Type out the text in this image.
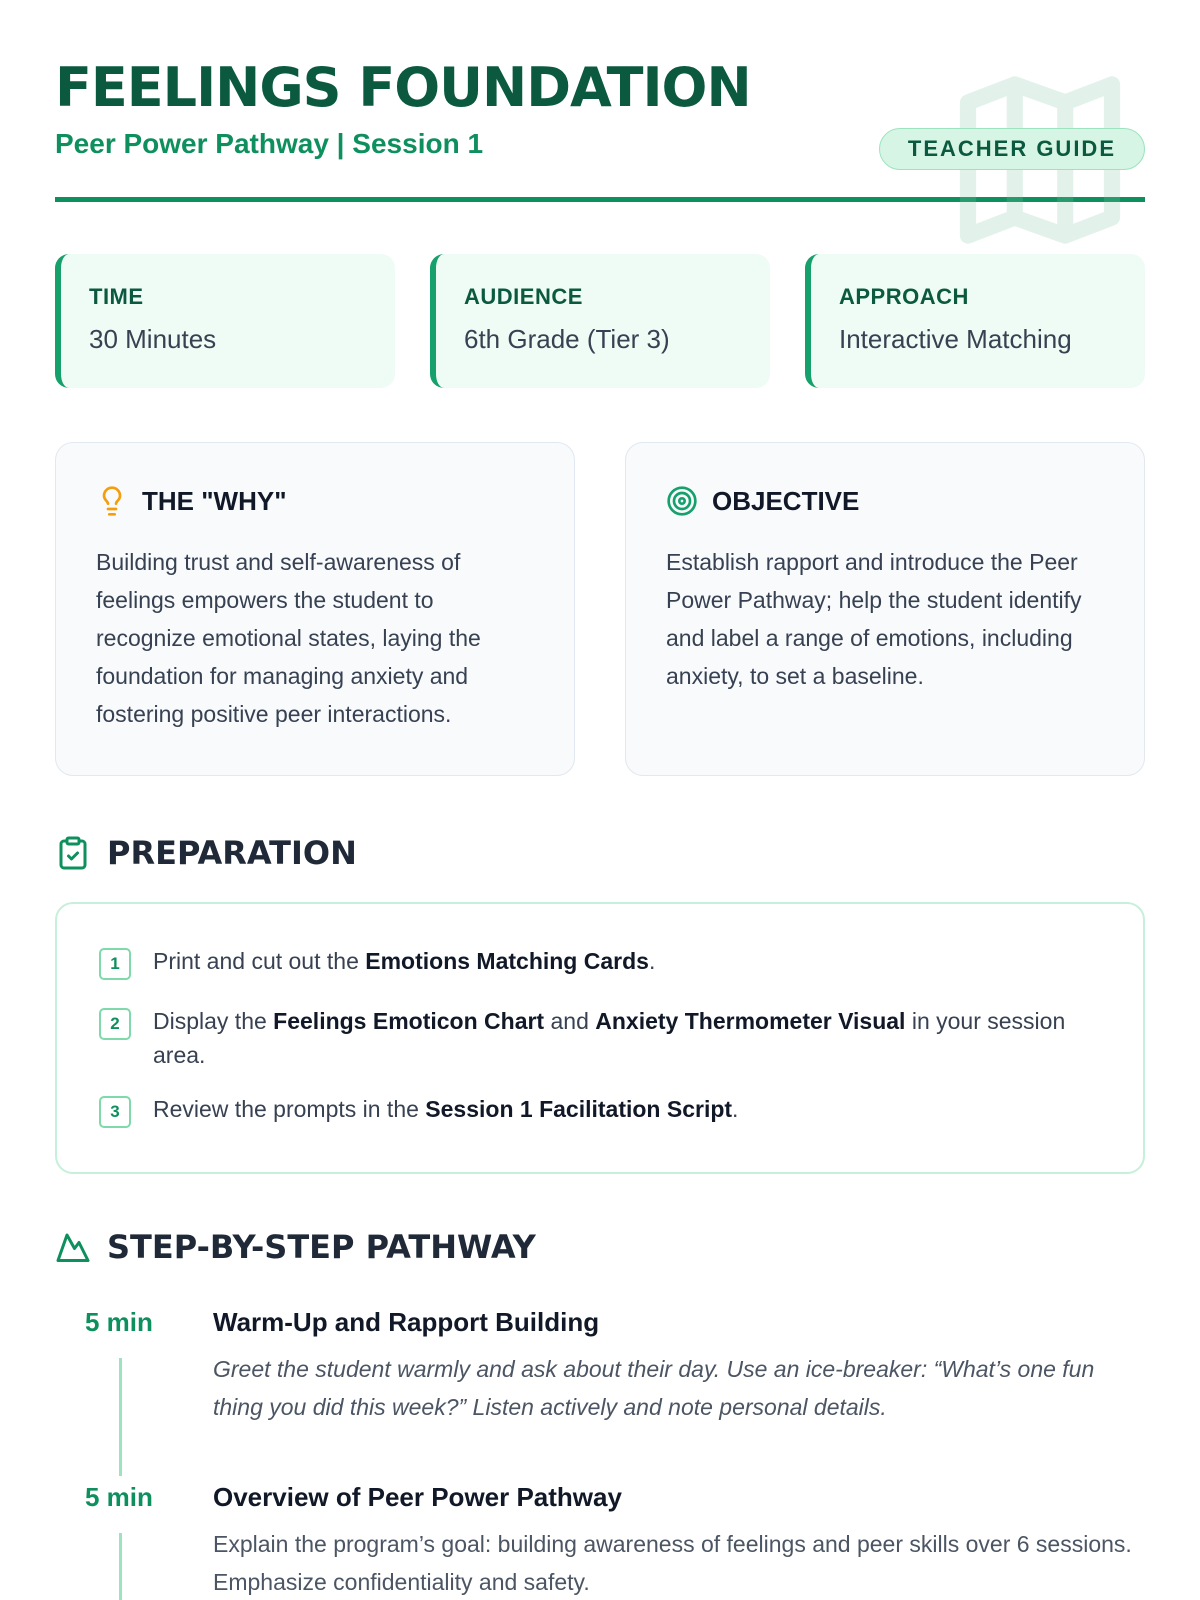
FEELINGS FOUNDATION
Peer Power Pathway | Session 1	TEACHER GUIDE
TIME
30 Minutes
AUDIENCE
6th Grade (Tier 3)
APPROACH
Interactive Matching
THE "WHY"
Building trust and self-awareness of feelings empowers the student to recognize emotional states, laying the foundation for managing anxiety and fostering positive peer interactions.
OBJECTIVE
Establish rapport and introduce the Peer Power Pathway; help the student identify and label a range of emotions, including anxiety, to set a baseline.
PREPARATION
1	Print and cut out the Emotions Matching Cards.
2	Display the Feelings Emoticon Chart and Anxiety Thermometer Visual in your session area.
3	Review the prompts in the Session 1 Facilitation Script.
STEP-BY-STEP PATHWAY
5 min	Warm-Up and Rapport Building
Greet the student warmly and ask about their day. Use an ice-breaker: “What’s one fun thing you did this week?” Listen actively and note personal details.
5 min	Overview of Peer Power Pathway
Explain the program’s goal: building awareness of feelings and peer skills over 6 sessions. Emphasize confidentiality and safety.
